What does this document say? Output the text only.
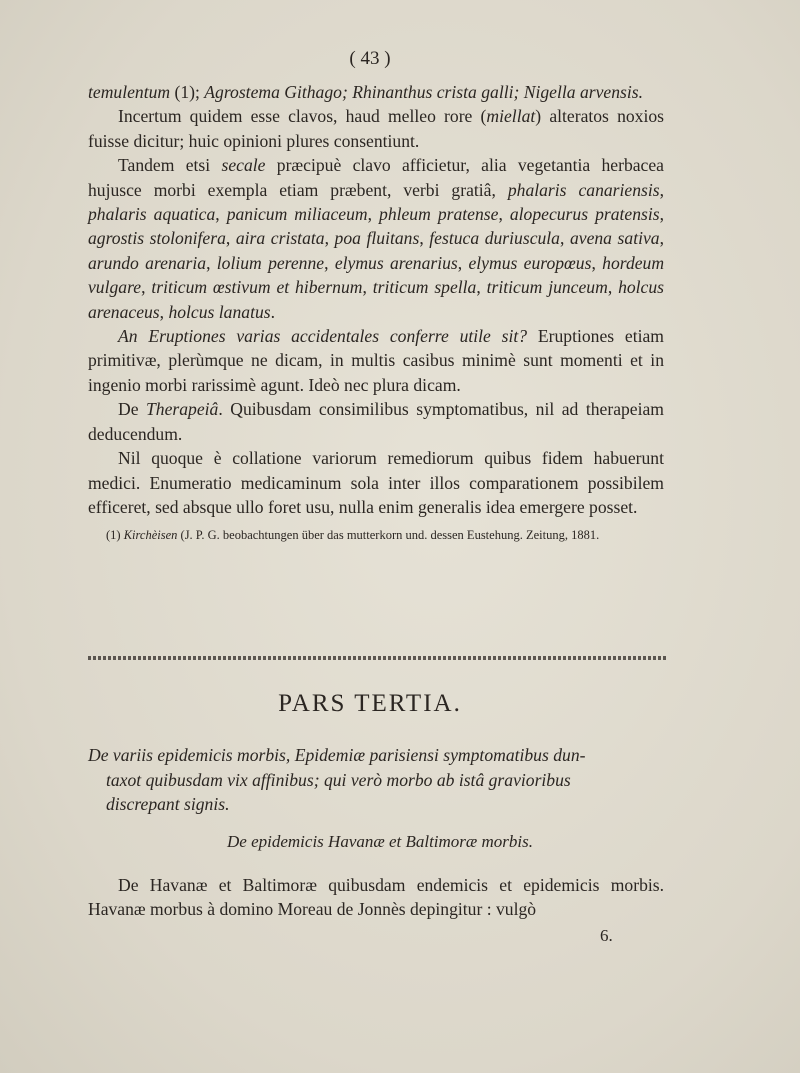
( 43 )

temulentum (1); Agrostema Githago; Rhinanthus crista galli; Nigella arvensis.

Incertum quidem esse clavos, haud melleo rore (miellat) alteratos noxios fuisse dicitur; huic opinioni plures consentiunt.

Tandem etsi secale præcipuè clavo afficietur, alia vegetantia herbacea hujusce morbi exempla etiam præbent, verbi gratiâ, phalaris canariensis, phalaris aquatica, panicum miliaceum, phleum pratense, alopecurus pratensis, agrostis stolonifera, aira cristata, poa fluitans, festuca duriuscula, avena sativa, arundo arenaria, lolium perenne, elymus arenarius, elymus europœus, hordeum vulgare, triticum œstivum et hibernum, triticum spella, triticum junceum, holcus arenaceus, holcus lanatus.

An Eruptiones varias accidentales conferre utile sit? Eruptiones etiam primitivæ, plerùmque ne dicam, in multis casibus minimè sunt momenti et in ingenio morbi rarissimè agunt. Ideò nec plura dicam.

De Therapeiâ. Quibusdam consimilibus symptomatibus, nil ad therapeiam deducendum.

Nil quoque è collatione variorum remediorum quibus fidem habuerunt medici. Enumeratio medicaminum sola inter illos comparationem possibilem efficeret, sed absque ullo foret usu, nulla enim generalis idea emergere posset.

(1) Kirchèisen (J. P. G. beobachtungen über das mutterkorn und. dessen Eustehung. Zeitung, 1881.

PARS TERTIA.
De variis epidemicis morbis, Epidemiæ parisiensi symptomatibus dun-
taxot quibusdam vix affinibus; qui verò morbo ab istâ gravioribus
discrepant signis.
De epidemicis Havanæ et Baltimoræ morbis.

De Havanæ et Baltimoræ quibusdam endemicis et epidemicis morbis. Havanæ morbus à domino Moreau de Jonnès depingitur : vulgò

6.
